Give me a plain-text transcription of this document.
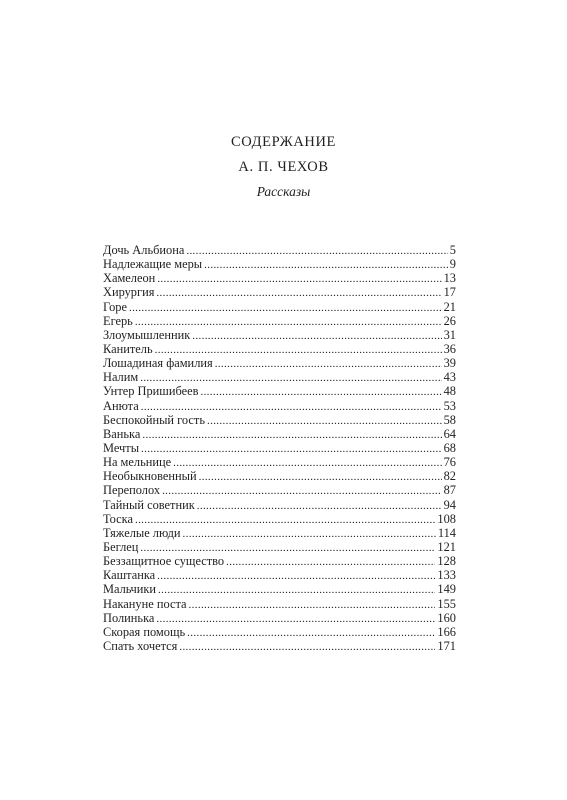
СОДЕРЖАНИЕ
А. П. ЧЕХОВ
Рассказы
Дочь Альбиона . . .	5
Надлежащие меры . . .	9
Хамелеон . . .	13
Хирургия . . .	17
Горе . . .	21
Егерь . . .	26
Злоумышленник . . .	31
Канитель . . .	36
Лошадиная фамилия . . .	39
Налим . . .	43
Унтер Пришибеев . . .	48
Анюта . . .	53
Беспокойный гость . . .	58
Ванька . . .	64
Мечты . . .	68
На мельнице . . .	76
Необыкновенный . . .	82
Переполох . . .	87
Тайный советник . . .	94
Тоска . . .	108
Тяжелые люди . . .	114
Беглец . . .	121
Беззащитное существо . . .	128
Каштанка . . .	133
Мальчики . . .	149
Накануне поста . . .	155
Полинька . . .	160
Скорая помощь . . .	166
Спать хочется . . .	171
